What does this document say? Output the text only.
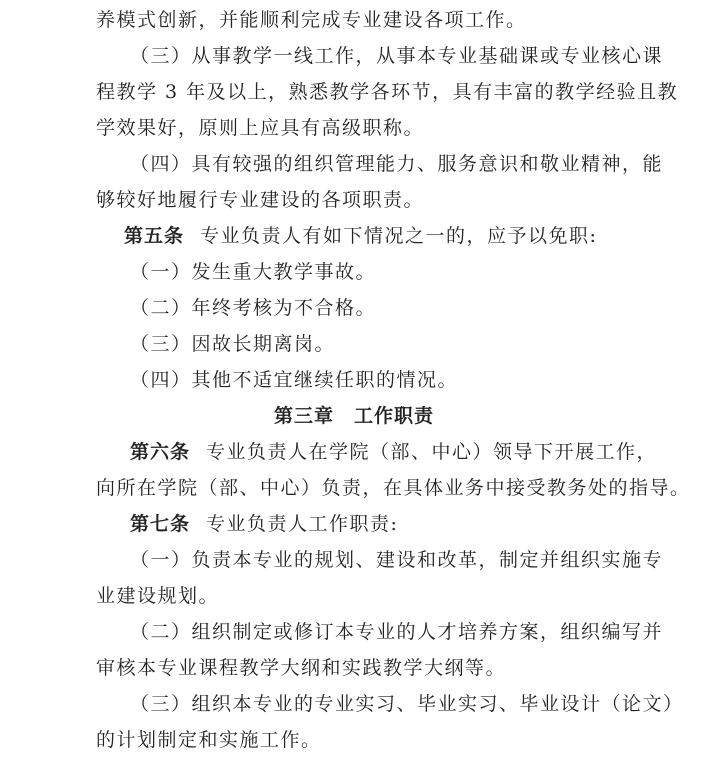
养模式创新，并能顺利完成专业建设各项工作。
（三）从事教学一线工作，从事本专业基础课或专业核心课
程教学 3 年及以上，熟悉教学各环节，具有丰富的教学经验且教
学效果好，原则上应具有高级职称。
（四）具有较强的组织管理能力、服务意识和敬业精神，能
够较好地履行专业建设的各项职责。
第五条 专业负责人有如下情况之一的，应予以免职:
（一）发生重大教学事故。
（二）年终考核为不合格。
（三）因故长期离岗。
（四）其他不适宜继续任职的情况。
第三章　工作职责
第六条 专业负责人在学院（部、中心）领导下开展工作，
向所在学院（部、中心）负责，在具体业务中接受教务处的指导。
第七条 专业负责人工作职责:
（一）负责本专业的规划、建设和改革，制定并组织实施专
业建设规划。
（二）组织制定或修订本专业的人才培养方案，组织编写并
审核本专业课程教学大纲和实践教学大纲等。
（三）组织本专业的专业实习、毕业实习、毕业设计（论文）
的计划制定和实施工作。
